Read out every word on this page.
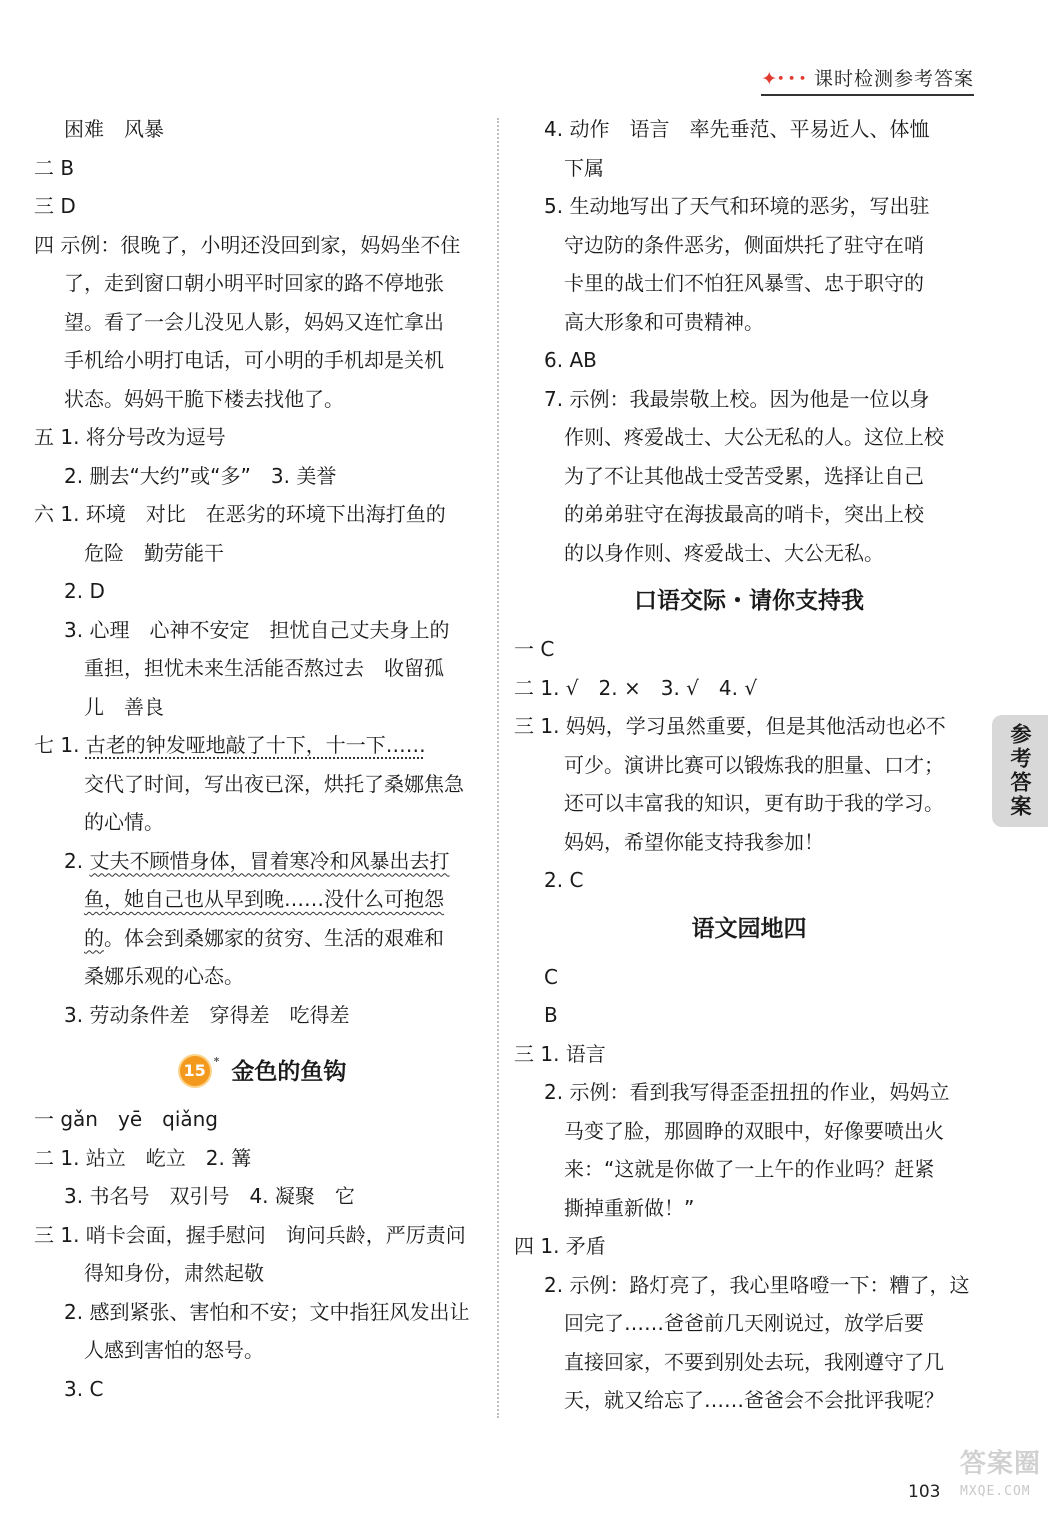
✦• • • 课时检测参考答案
困难　风暴
二 B
三 D
四 示例：很晚了，小明还没回到家，妈妈坐不住
了，走到窗口朝小明平时回家的路不停地张
望。看了一会儿没见人影，妈妈又连忙拿出
手机给小明打电话，可小明的手机却是关机
状态。妈妈干脆下楼去找他了。
五 1. 将分号改为逗号
2. 删去“大约”或“多”　3. 美誉
六 1. 环境　对比　在恶劣的环境下出海打鱼的
危险　勤劳能干
2. D
3. 心理　心神不安定　担忧自己丈夫身上的
重担，担忧未来生活能否熬过去　收留孤
儿　善良
七 1. 古老的钟发哑地敲了十下，十一下……
交代了时间，写出夜已深，烘托了桑娜焦急
的心情。
2. 丈夫不顾惜身体，冒着寒冷和风暴出去打
鱼，她自己也从早到晚……没什么可抱怨
的。体会到桑娜家的贫穷、生活的艰难和
桑娜乐观的心态。
3. 劳动条件差　穿得差　吃得差
15 * 金色的鱼钩
一 gǎn　yē　qiǎng
二 1. 站立　屹立　2. 篝
3. 书名号　双引号　4. 凝聚　它
三 1. 哨卡会面，握手慰问　询问兵龄，严厉责问
得知身份，肃然起敬
2. 感到紧张、害怕和不安；文中指狂风发出让
人感到害怕的怒号。
3. C
4. 动作　语言　率先垂范、平易近人、体恤
下属
5. 生动地写出了天气和环境的恶劣，写出驻
守边防的条件恶劣，侧面烘托了驻守在哨
卡里的战士们不怕狂风暴雪、忠于职守的
高大形象和可贵精神。
6. AB
7. 示例：我最崇敬上校。因为他是一位以身
作则、疼爱战士、大公无私的人。这位上校
为了不让其他战士受苦受累，选择让自己
的弟弟驻守在海拔最高的哨卡，突出上校
的以身作则、疼爱战士、大公无私。
口语交际・请你支持我
一 C
二 1. √　2. ×　3. √　4. √
三 1. 妈妈，学习虽然重要，但是其他活动也必不
可少。演讲比赛可以锻炼我的胆量、口才；
还可以丰富我的知识，更有助于我的学习。
妈妈，希望你能支持我参加！
2. C
语文园地四
C
B
三 1. 语言
2. 示例：看到我写得歪歪扭扭的作业，妈妈立
马变了脸，那圆睁的双眼中，好像要喷出火
来：“这就是你做了一上午的作业吗？赶紧
撕掉重新做！”
四 1. 矛盾
2. 示例：路灯亮了，我心里咯噔一下：糟了，这
回完了……爸爸前几天刚说过，放学后要
直接回家，不要到别处去玩，我刚遵守了几
天，就又给忘了……爸爸会不会批评我呢？
参考答案
103
答案圈
MXQE.COM
